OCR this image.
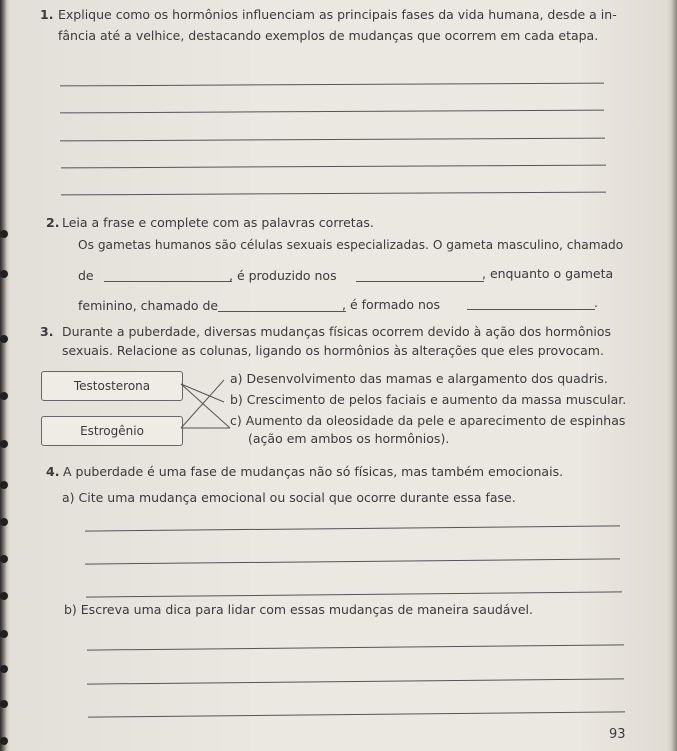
1. Explique como os hormônios influenciam as principais fases da vida humana, desde a in-
fância até a velhice, destacando exemplos de mudanças que ocorrem em cada etapa.
2. Leia a frase e complete com as palavras corretas.
Os gametas humanos são células sexuais especializadas. O gameta masculino, chamado
de	, é produzido nos	, enquanto o gameta
feminino, chamado de	, é formado nos	.
3. Durante a puberdade, diversas mudanças físicas ocorrem devido à ação dos hormônios
sexuais. Relacione as colunas, ligando os hormônios às alterações que eles provocam.
Testosterona
Estrogênio
a) Desenvolvimento das mamas e alargamento dos quadris.
b) Crescimento de pelos faciais e aumento da massa muscular.
c) Aumento da oleosidade da pele e aparecimento de espinhas
(ação em ambos os hormônios).
4. A puberdade é uma fase de mudanças não só físicas, mas também emocionais.
a) Cite uma mudança emocional ou social que ocorre durante essa fase.
b) Escreva uma dica para lidar com essas mudanças de maneira saudável.
93
